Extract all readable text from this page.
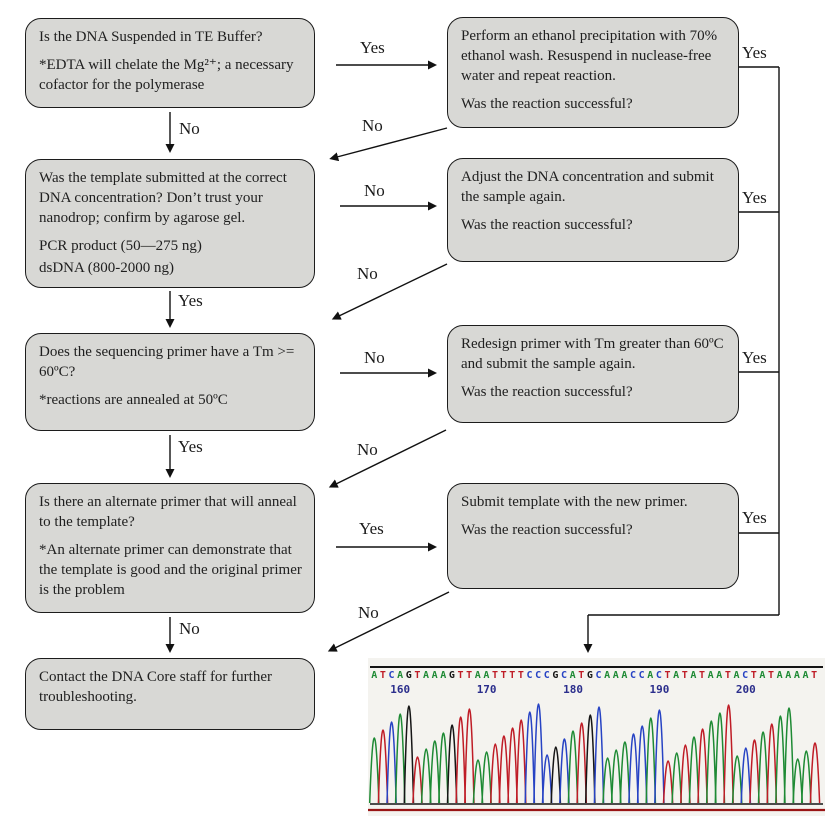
Is the DNA Suspended in TE Buffer?

*EDTA will chelate the Mg²⁺; a necessary cofactor for the polymerase

Was the template submitted at the correct DNA concentration? Don’t trust your nanodrop; confirm by agarose gel.

PCR product (50—275 ng)

dsDNA (800-2000 ng)

Does the sequencing primer have a Tm >= 60ºC?

*reactions are annealed at 50ºC

Is there an alternate primer that will anneal to the template?

*An alternate primer can demonstrate that the template is good and the original primer is the problem

Contact the DNA Core staff for further troubleshooting.

Perform an ethanol precipitation with 70% ethanol wash. Resuspend in nuclease-free water and repeat reaction.

Was the reaction successful?

Adjust the DNA concentration and submit the sample again.

Was the reaction successful?

Redesign primer with Tm greater than 60ºC and submit the sample again.

Was the reaction successful?

Submit template with the new primer.

Was the reaction successful?

Yes
No
No
No
No
Yes
No
No
Yes
Yes
No
No
Yes
Yes
Yes
Yes
A T C A G T A A A G T T A A T T T T C C C G C A T G C A A A C C A C T A T A T A A T A C T A T A A A A T
160	170	180	190	200
